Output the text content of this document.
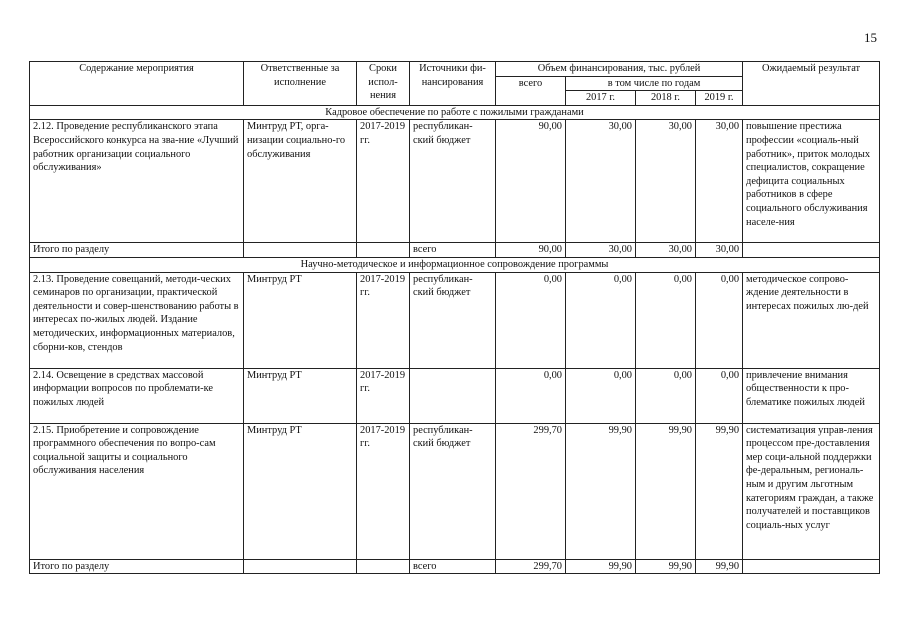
15
Содержание мероприятия	Ответственные за исполнение	Сроки испол-нения	Источники фи-нансирования	Объем финансирования, тыс. рублей				Ожидаемый результат
				всего	в том числе по годам			
					2017 г.	2018 г.	2019 г.	
Кадровое обеспечение по работе с пожилыми гражданами								
2.12. Проведение республиканского этапа Всероссийского конкурса на зва-ние «Лучший работник организации социального обслуживания»	Минтруд РТ, орга-низации социально-го обслуживания	2017-2019 гг.	республикан-ский бюджет	90,00	30,00	30,00	30,00	повышение престижа профессии «социаль-ный работник», приток молодых специалистов, сокращение дефицита социальных работников в сфере социального обслуживания населе-ния
Итого по разделу			всего	90,00	30,00	30,00	30,00	
Научно-методическое и информационное сопровождение программы								
2.13. Проведение совещаний, методи-ческих семинаров по организации, практической деятельности и совер-шенствованию работы в интересах по-жилых людей. Издание методических, информационных материалов, сборни-ков, стендов	Минтруд РТ	2017-2019 гг.	республикан-ский бюджет	0,00	0,00	0,00	0,00	методическое сопрово-ждение деятельности в интересах пожилых лю-дей
2.14. Освещение в средствах массовой информации вопросов по проблемати-ке пожилых людей	Минтруд РТ	2017-2019 гг.		0,00	0,00	0,00	0,00	привлечение внимания общественности к про-блематике пожилых людей
2.15. Приобретение и сопровождение программного обеспечения по вопро-сам социальной защиты и социального обслуживания населения	Минтруд РТ	2017-2019 гг.	республикан-ский бюджет	299,70	99,90	99,90	99,90	систематизация управ-ления процессом пре-доставления мер соци-альной поддержки фе-деральным, региональ-ным и другим льготным категориям граждан, а также получателей и поставщиков социаль-ных услуг
Итого по разделу			всего	299,70	99,90	99,90	99,90	
